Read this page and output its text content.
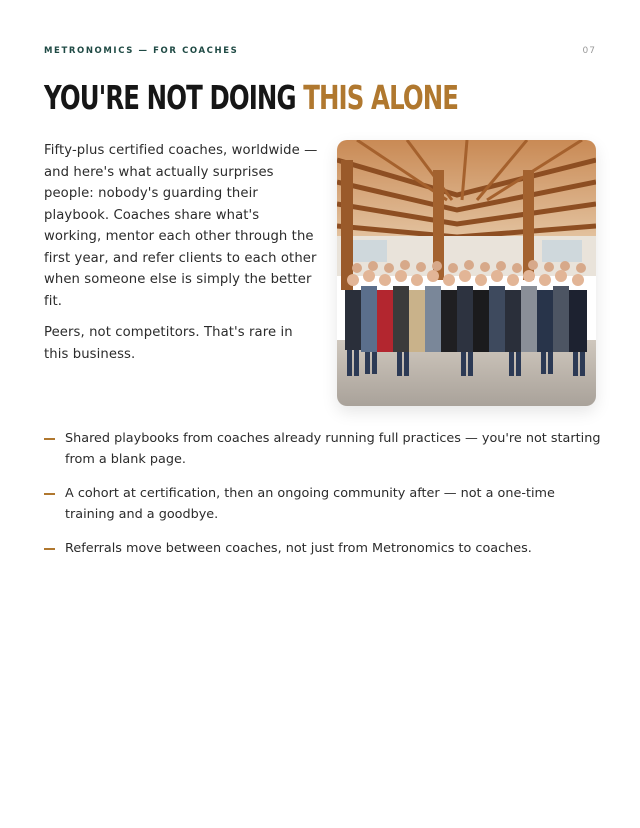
METRONOMICS — FOR COACHES	07
YOU'RE NOT DOING THIS ALONE

Fifty-plus certified coaches, worldwide — and here's what actually surprises people: nobody's guarding their playbook. Coaches share what's working, mentor each other through the first year, and refer clients to each other when someone else is simply the better fit.

Peers, not competitors. That's rare in this business.

Shared playbooks from coaches already running full practices — you're not starting from a blank page.
A cohort at certification, then an ongoing community after — not a one-time training and a goodbye.
Referrals move between coaches, not just from Metronomics to coaches.
